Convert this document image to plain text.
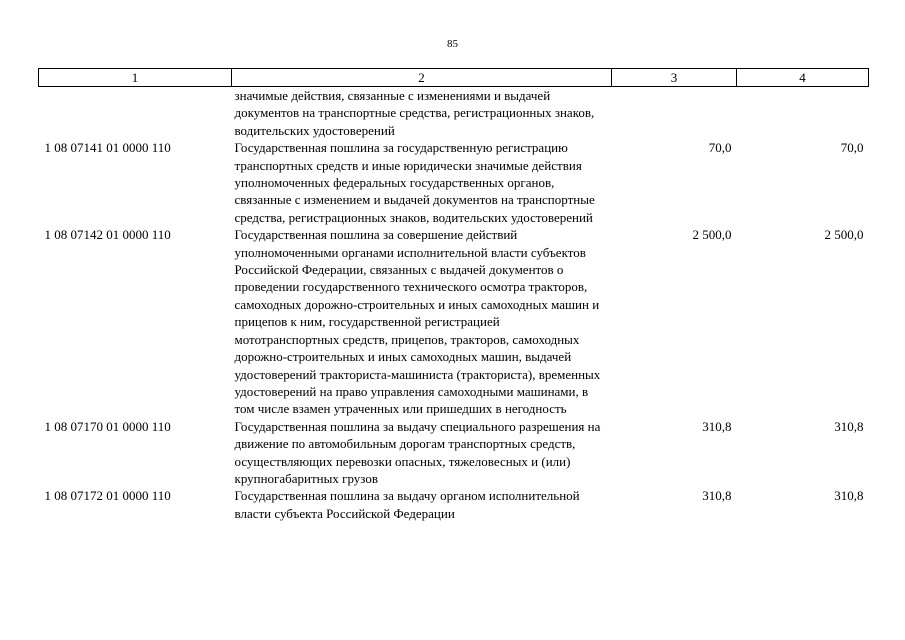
85
1	2	3	4
	значимые действия, связанные с изменениями и выдачей документов на транспортные средства, регистрационных знаков, водительских удостоверений		
1 08 07141 01 0000 110	Государственная пошлина за государственную регистрацию транспортных средств и иные юридически значимые действия уполномоченных федеральных государственных органов, связанные с изменением и выдачей документов на транспортные средства, регистрационных знаков, водительских удостоверений	70,0	70,0
1 08 07142 01 0000 110	Государственная пошлина за совершение действий уполномоченными органами исполнительной власти субъектов Российской Федерации, связанных с выдачей документов о проведении государственного технического осмотра тракторов, самоходных дорожно-строительных и иных самоходных машин и прицепов к ним, государственной регистрацией мототранспортных средств, прицепов, тракторов, самоходных дорожно-строительных и иных самоходных машин, выдачей удостоверений тракториста-машиниста (тракториста), временных удостоверений на право управления самоходными машинами, в том числе взамен утраченных или пришедших в негодность	2 500,0	2 500,0
1 08 07170 01 0000 110	Государственная пошлина за выдачу специального разрешения на движение по автомобильным дорогам транспортных средств, осуществляющих перевозки опасных, тяжеловесных и (или) крупногабаритных грузов	310,8	310,8
1 08 07172 01 0000 110	Государственная пошлина за выдачу органом исполнительной власти субъекта Российской Федерации	310,8	310,8
